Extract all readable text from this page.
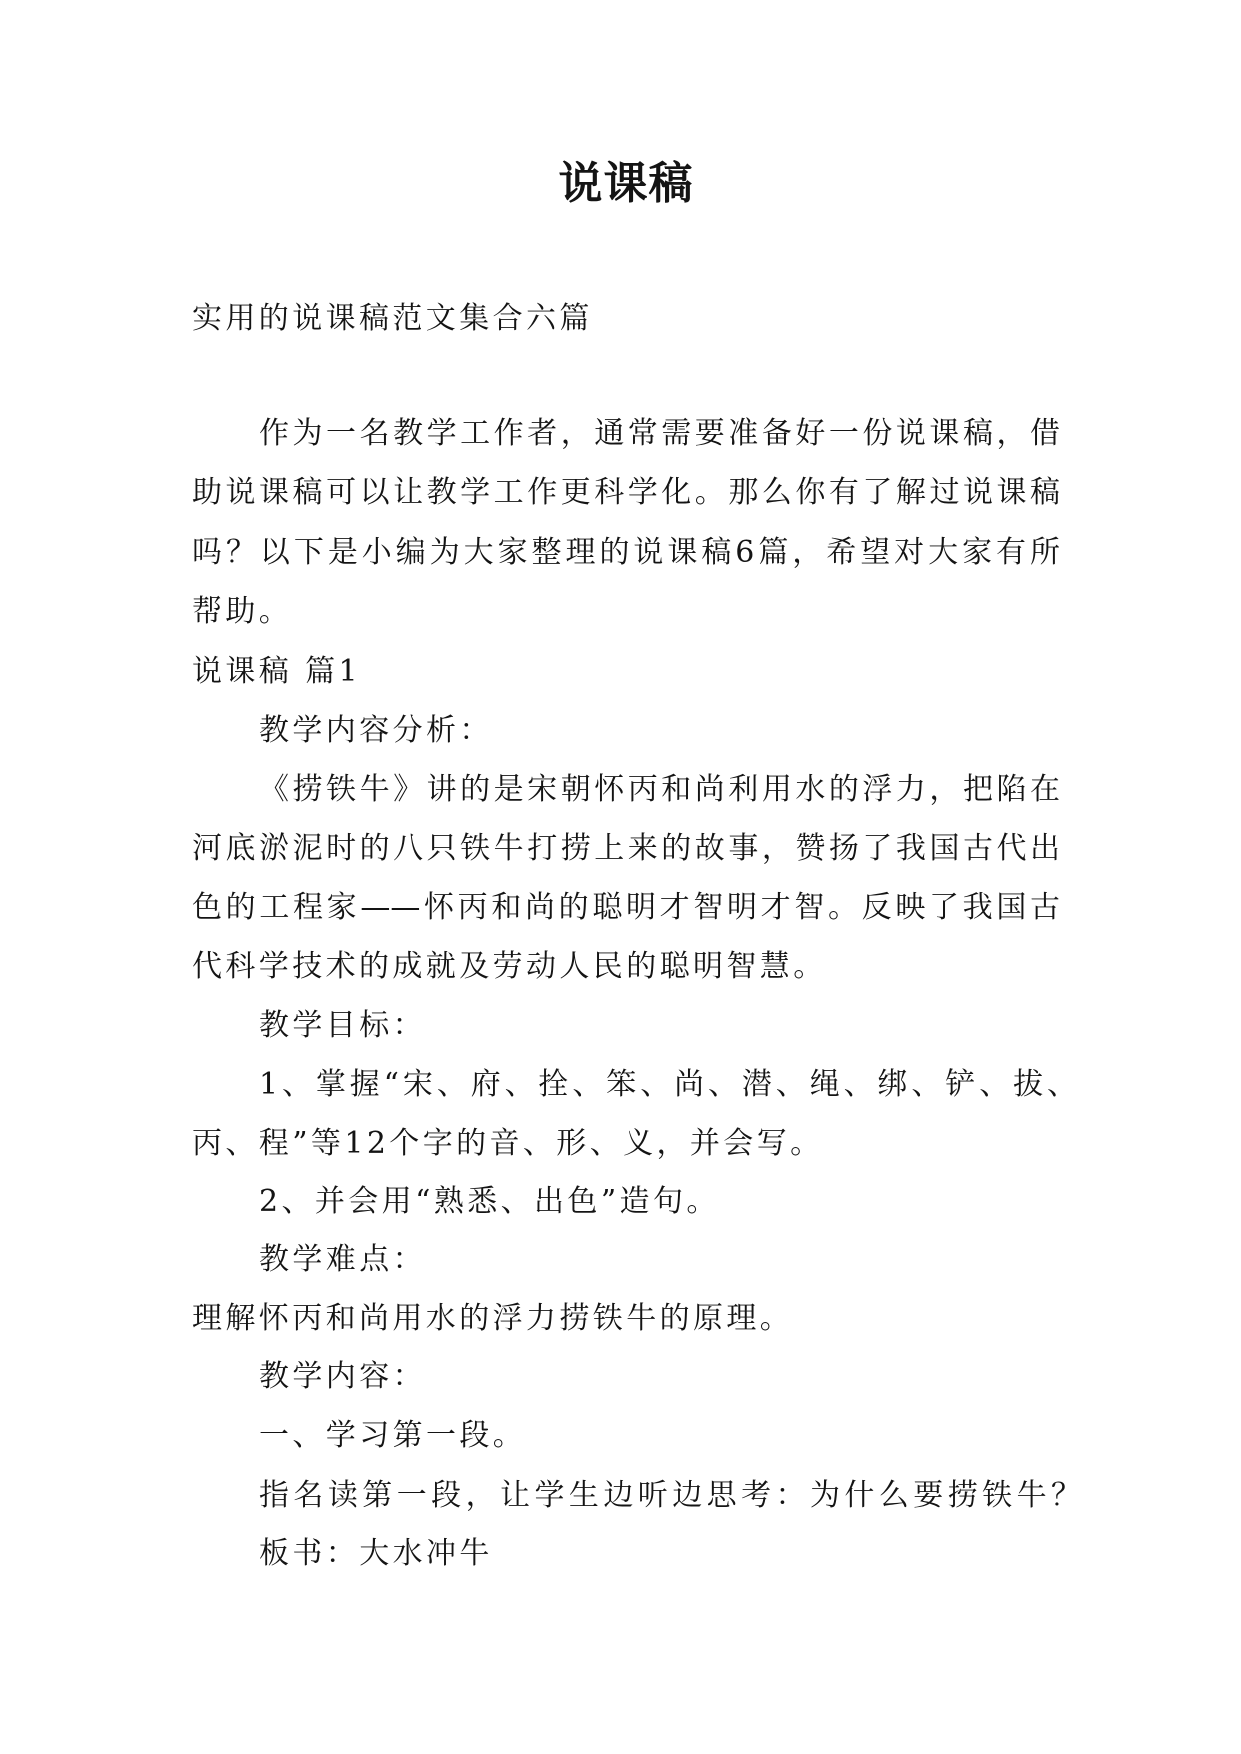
说课稿
实用的说课稿范文集合六篇
作为一名教学工作者，通常需要准备好一份说课稿，借
助说课稿可以让教学工作更科学化。那么你有了解过说课稿
吗？以下是小编为大家整理的说课稿6篇，希望对大家有所
帮助。
说课稿 篇1
教学内容分析：
《捞铁牛》讲的是宋朝怀丙和尚利用水的浮力，把陷在
河底淤泥时的八只铁牛打捞上来的故事，赞扬了我国古代出
色的工程家——怀丙和尚的聪明才智明才智。反映了我国古
代科学技术的成就及劳动人民的聪明智慧。
教学目标：
1、掌握“宋、府、拴、笨、尚、潜、绳、绑、铲、拔、
丙、程”等12个字的音、形、义，并会写。
2、并会用“熟悉、出色”造句。
教学难点：
理解怀丙和尚用水的浮力捞铁牛的原理。
教学内容：
一、学习第一段。
指名读第一段，让学生边听边思考：为什么要捞铁牛？
板书：大水冲牛
